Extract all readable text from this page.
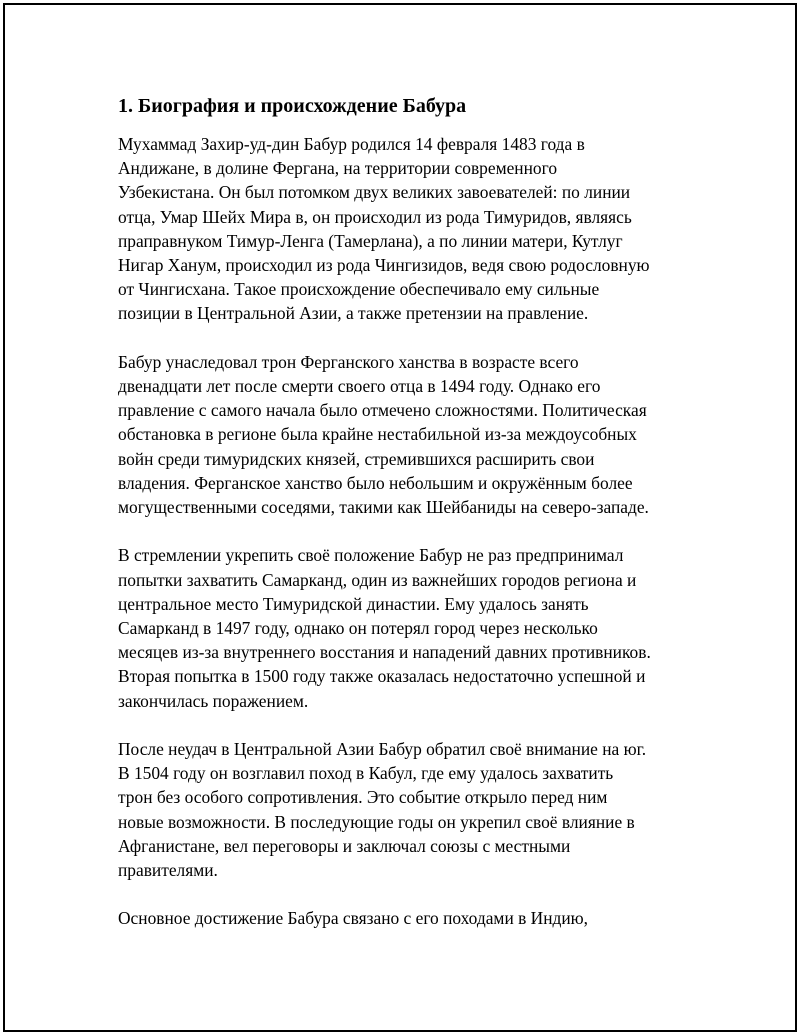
1. Биография и происхождение Бабура

Мухаммад Захир-уд-дин Бабур родился 14 февраля 1483 года в
Андижане, в долине Фергана, на территории современного
Узбекистана. Он был потомком двух великих завоевателей: по линии
отца, Умар Шейх Мира в, он происходил из рода Тимуридов, являясь
праправнуком Тимур-Ленга (Тамерлана), а по линии матери, Кутлуг
Нигар Ханум, происходил из рода Чингизидов, ведя свою родословную
от Чингисхана. Такое происхождение обеспечивало ему сильные
позиции в Центральной Азии, а также претензии на правление.

Бабур унаследовал трон Ферганского ханства в возрасте всего
двенадцати лет после смерти своего отца в 1494 году. Однако его
правление с самого начала было отмечено сложностями. Политическая
обстановка в регионе была крайне нестабильной из-за междоусобных
войн среди тимуридских князей, стремившихся расширить свои
владения. Ферганское ханство было небольшим и окружённым более
могущественными соседями, такими как Шейбаниды на северо-западе.

В стремлении укрепить своё положение Бабур не раз предпринимал
попытки захватить Самарканд, один из важнейших городов региона и
центральное место Тимуридской династии. Ему удалось занять
Самарканд в 1497 году, однако он потерял город через несколько
месяцев из-за внутреннего восстания и нападений давних противников.
Вторая попытка в 1500 году также оказалась недостаточно успешной и
закончилась поражением.

После неудач в Центральной Азии Бабур обратил своё внимание на юг.
В 1504 году он возглавил поход в Кабул, где ему удалось захватить
трон без особого сопротивления. Это событие открыло перед ним
новые возможности. В последующие годы он укрепил своё влияние в
Афганистане, вел переговоры и заключал союзы с местными
правителями.

Основное достижение Бабура связано с его походами в Индию,
